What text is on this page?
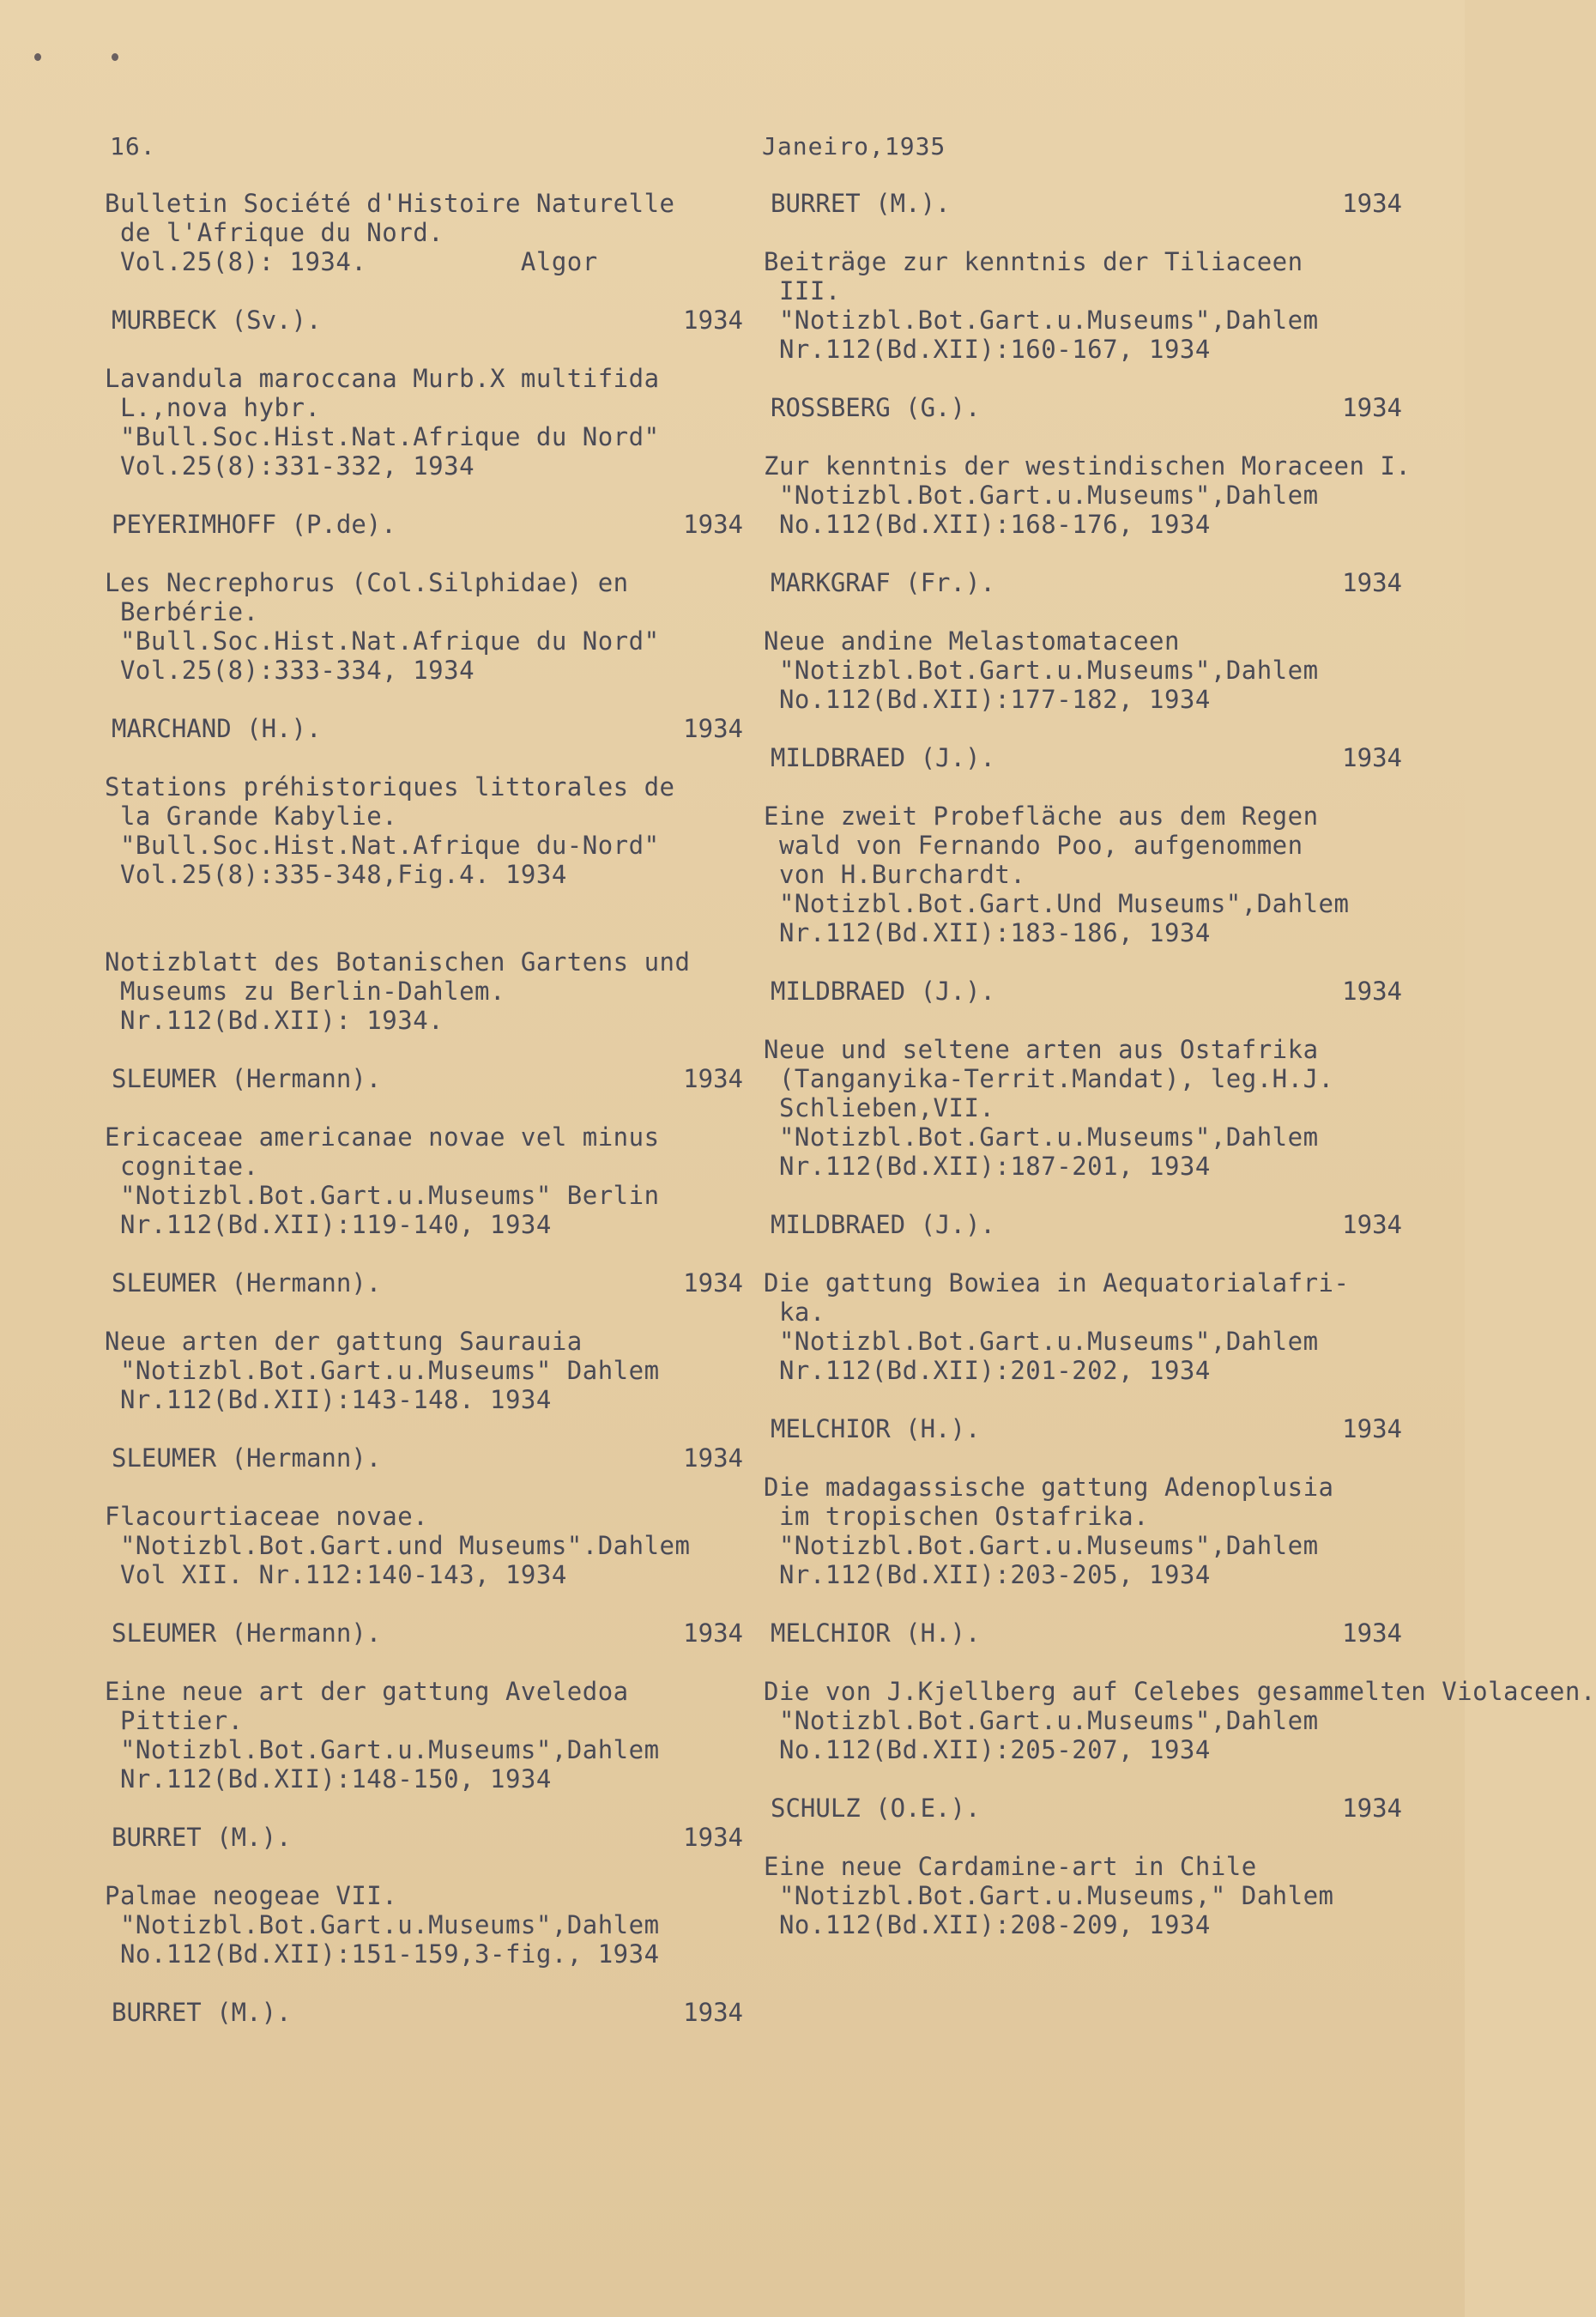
16.	Janeiro,1935
Bulletin Société d'Histoire Naturelle
de l'Afrique du Nord.
Vol.25(8): 1934.          Algor
MURBECK (Sv.).	1934
Lavandula maroccana Murb.X multifida
L.,nova hybr.
"Bull.Soc.Hist.Nat.Afrique du Nord"
Vol.25(8):331-332, 1934
PEYERIMHOFF (P.de).	1934
Les Necrephorus (Col.Silphidae) en
Berbérie.
"Bull.Soc.Hist.Nat.Afrique du Nord"
Vol.25(8):333-334, 1934
MARCHAND (H.).	1934
Stations préhistoriques littorales de
la Grande Kabylie.
"Bull.Soc.Hist.Nat.Afrique du-Nord"
Vol.25(8):335-348,Fig.4. 1934
Notizblatt des Botanischen Gartens und
Museums zu Berlin-Dahlem.
Nr.112(Bd.XII): 1934.
SLEUMER (Hermann).	1934
Ericaceae americanae novae vel minus
cognitae.
"Notizbl.Bot.Gart.u.Museums" Berlin
Nr.112(Bd.XII):119-140, 1934
SLEUMER (Hermann).	1934
Neue arten der gattung Saurauia
"Notizbl.Bot.Gart.u.Museums" Dahlem
Nr.112(Bd.XII):143-148. 1934
SLEUMER (Hermann).	1934
Flacourtiaceae novae.
"Notizbl.Bot.Gart.und Museums".Dahlem
Vol XII. Nr.112:140-143, 1934
SLEUMER (Hermann).	1934
Eine neue art der gattung Aveledoa
Pittier.
"Notizbl.Bot.Gart.u.Museums",Dahlem
Nr.112(Bd.XII):148-150, 1934
BURRET (M.).	1934
Palmae neogeae VII.
"Notizbl.Bot.Gart.u.Museums",Dahlem
No.112(Bd.XII):151-159,3-fig., 1934
BURRET (M.).	1934
BURRET (M.).	1934
Beiträge zur kenntnis der Tiliaceen
III.
"Notizbl.Bot.Gart.u.Museums",Dahlem
Nr.112(Bd.XII):160-167, 1934
ROSSBERG (G.).	1934
Zur kenntnis der westindischen Moraceen I.
"Notizbl.Bot.Gart.u.Museums",Dahlem
No.112(Bd.XII):168-176, 1934
MARKGRAF (Fr.).	1934
Neue andine Melastomataceen
"Notizbl.Bot.Gart.u.Museums",Dahlem
No.112(Bd.XII):177-182, 1934
MILDBRAED (J.).	1934
Eine zweit Probefläche aus dem Regen
wald von Fernando Poo, aufgenommen
von H.Burchardt.
"Notizbl.Bot.Gart.Und Museums",Dahlem
Nr.112(Bd.XII):183-186, 1934
MILDBRAED (J.).	1934
Neue und seltene arten aus Ostafrika
(Tanganyika-Territ.Mandat), leg.H.J.
Schlieben,VII.
"Notizbl.Bot.Gart.u.Museums",Dahlem
Nr.112(Bd.XII):187-201, 1934
MILDBRAED (J.).	1934
Die gattung Bowiea in Aequatorialafri-
ka.
"Notizbl.Bot.Gart.u.Museums",Dahlem
Nr.112(Bd.XII):201-202, 1934
MELCHIOR (H.).	1934
Die madagassische gattung Adenoplusia
im tropischen Ostafrika.
"Notizbl.Bot.Gart.u.Museums",Dahlem
Nr.112(Bd.XII):203-205, 1934
MELCHIOR (H.).	1934
Die von J.Kjellberg auf Celebes gesammelten Violaceen.
"Notizbl.Bot.Gart.u.Museums",Dahlem
No.112(Bd.XII):205-207, 1934
SCHULZ (O.E.).	1934
Eine neue Cardamine-art in Chile
"Notizbl.Bot.Gart.u.Museums," Dahlem
No.112(Bd.XII):208-209, 1934
